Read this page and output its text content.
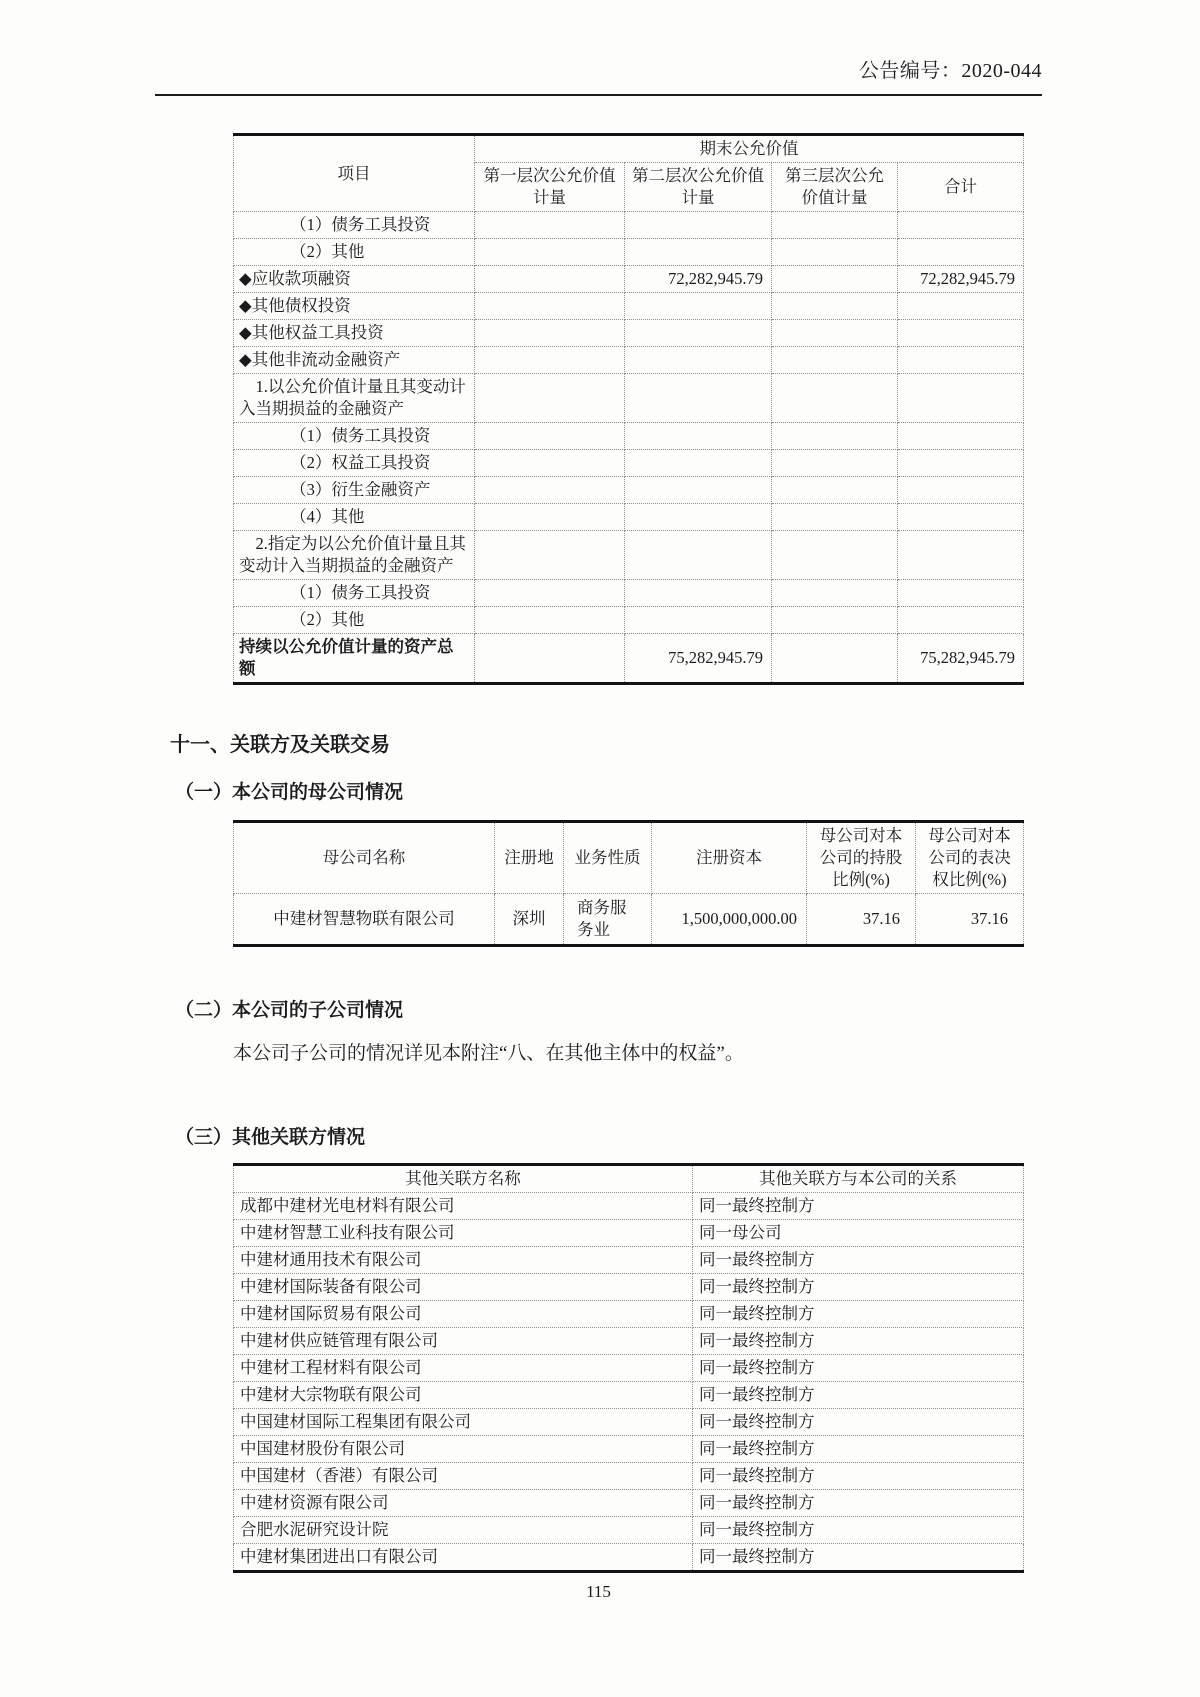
公告编号：2020-044
项目	期末公允价值			
	第一层次公允价值计量	第二层次公允价值计量	第三层次公允价值计量	合计
（1）债务工具投资				
（2）其他				
◆应收款项融资		72,282,945.79		72,282,945.79
◆其他债权投资				
◆其他权益工具投资				
◆其他非流动金融资产				
1.以公允价值计量且其变动计入当期损益的金融资产				
（1）债务工具投资				
（2）权益工具投资				
（3）衍生金融资产				
（4）其他				
2.指定为以公允价值计量且其变动计入当期损益的金融资产				
（1）债务工具投资				
（2）其他				
持续以公允价值计量的资产总额		75,282,945.79		75,282,945.79
十一、关联方及关联交易
（一）本公司的母公司情况
母公司名称	注册地	业务性质	注册资本	母公司对本公司的持股比例(%)	母公司对本公司的表决权比例(%)
中建材智慧物联有限公司	深圳	商务服务业	1,500,000,000.00	37.16	37.16
（二）本公司的子公司情况

本公司子公司的情况详见本附注“八、在其他主体中的权益”。

（三）其他关联方情况
其他关联方名称	其他关联方与本公司的关系
成都中建材光电材料有限公司	同一最终控制方
中建材智慧工业科技有限公司	同一母公司
中建材通用技术有限公司	同一最终控制方
中建材国际装备有限公司	同一最终控制方
中建材国际贸易有限公司	同一最终控制方
中建材供应链管理有限公司	同一最终控制方
中建材工程材料有限公司	同一最终控制方
中建材大宗物联有限公司	同一最终控制方
中国建材国际工程集团有限公司	同一最终控制方
中国建材股份有限公司	同一最终控制方
中国建材（香港）有限公司	同一最终控制方
中建材资源有限公司	同一最终控制方
合肥水泥研究设计院	同一最终控制方
中建材集团进出口有限公司	同一最终控制方
115
